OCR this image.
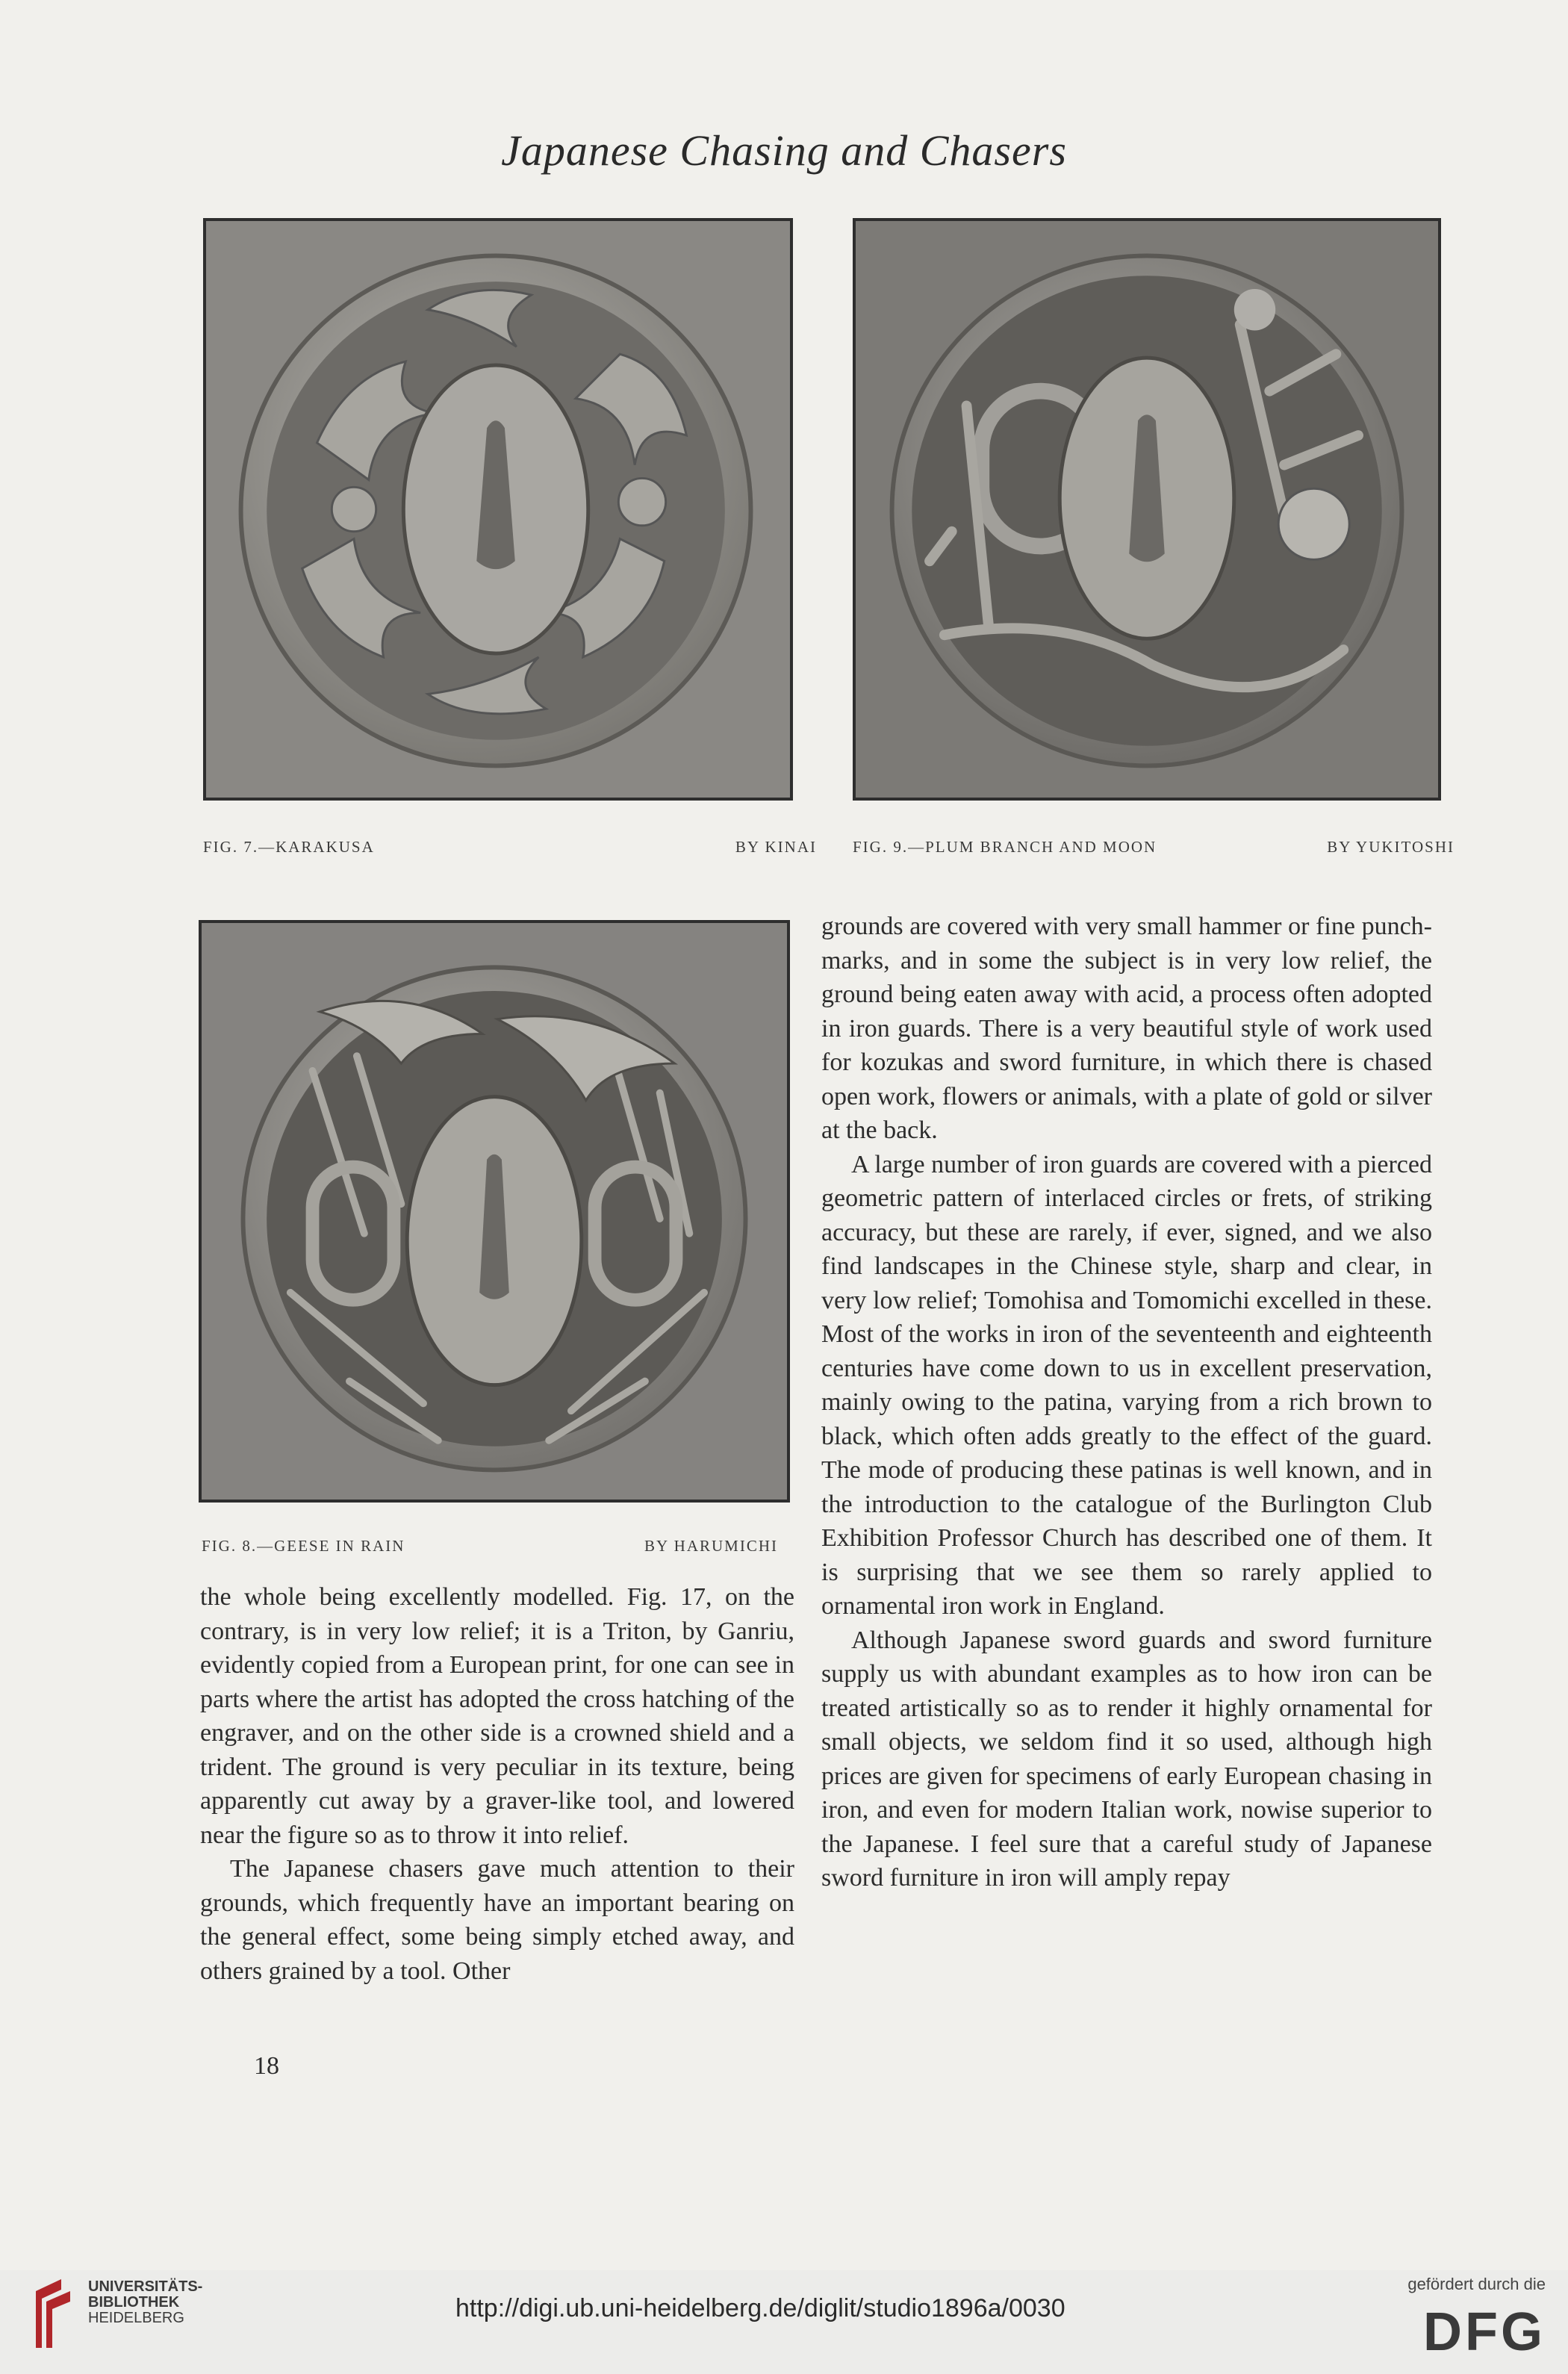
Japanese Chasing and Chasers
FIG. 7.—KARAKUSA	BY KINAI FIG. 9.—PLUM BRANCH AND MOON	BY YUKITOSHI
FIG. 8.—GEESE IN RAIN	BY HARUMICHI

the whole being excellently modelled. Fig. 17, on the contrary, is in very low relief; it is a Triton, by Ganriu, evidently copied from a European print, for one can see in parts where the artist has adopted the cross hatching of the engraver, and on the other side is a crowned shield and a trident. The ground is very peculiar in its texture, being apparently cut away by a graver-like tool, and lowered near the figure so as to throw it into relief.

The Japanese chasers gave much attention to their grounds, which frequently have an important bearing on the general effect, some being simply etched away, and others grained by a tool. Other

grounds are covered with very small hammer or fine punch-marks, and in some the subject is in very low relief, the ground being eaten away with acid, a process often adopted in iron guards. There is a very beautiful style of work used for kozukas and sword furniture, in which there is chased open work, flowers or animals, with a plate of gold or silver at the back.

A large number of iron guards are covered with a pierced geometric pattern of interlaced circles or frets, of striking accuracy, but these are rarely, if ever, signed, and we also find landscapes in the Chinese style, sharp and clear, in very low relief; Tomohisa and Tomomichi excelled in these. Most of the works in iron of the seventeenth and eighteenth centuries have come down to us in excellent preservation, mainly owing to the patina, varying from a rich brown to black, which often adds greatly to the effect of the guard. The mode of producing these patinas is well known, and in the introduction to the catalogue of the Burlington Club Exhibition Professor Church has described one of them. It is surprising that we see them so rarely applied to ornamental iron work in England.

Although Japanese sword guards and sword furniture supply us with abundant examples as to how iron can be treated artistically so as to render it highly ornamental for small objects, we seldom find it so used, although high prices are given for specimens of early European chasing in iron, and even for modern Italian work, nowise superior to the Japanese. I feel sure that a careful study of Japanese sword furniture in iron will amply repay

18
UNIVERSITÄTS-
BIBLIOTHEK
HEIDELBERG	http://digi.ub.uni-heidelberg.de/diglit/studio1896a/0030
gefördert durch die
DFG
